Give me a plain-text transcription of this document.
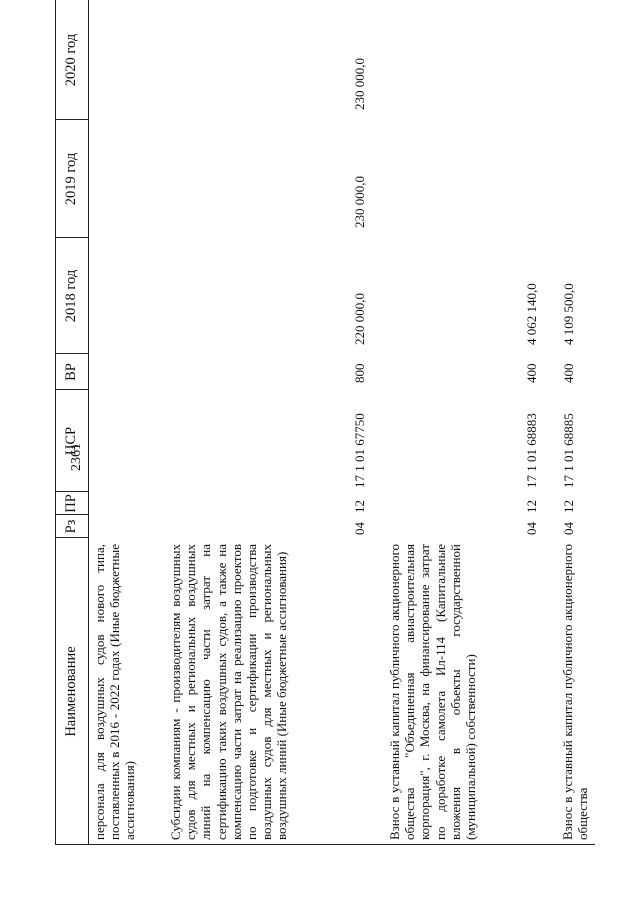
2361
Наименование
Рз
ПР
ЦСР
ВР
2018 год
2019 год
2020 год
персонала для воздушных судов нового типа, поставленных в 2016 - 2022 годах (Иные бюджетные ассигнования) Субсидии компаниям - производителям воздушных судов для местных и региональных воздушных линий на компенсацию части затрат на сертификацию таких воздушных судов, а также на компенсацию части затрат на реализацию проектов по подготовке и сертификации производства воздушных судов для местных и региональных воздушных линий (Иные бюджетные ассигнования)
04
12
17 1 01 67750
800
220 000,0
230 000,0
230 000,0
Взнос в уставный капитал публичного акционерного общества "Объединенная авиастроительная корпорация", г. Москва, на финансирование затрат по доработке самолета Ил-114 (Капитальные вложения в объекты государственной (муниципальной) собственности)
04
12
17 1 01 68883
400
4 062 140,0
Взнос в уставный капитал публичного акционерного общества
04
12
17 1 01 68885
400
4 109 500,0
